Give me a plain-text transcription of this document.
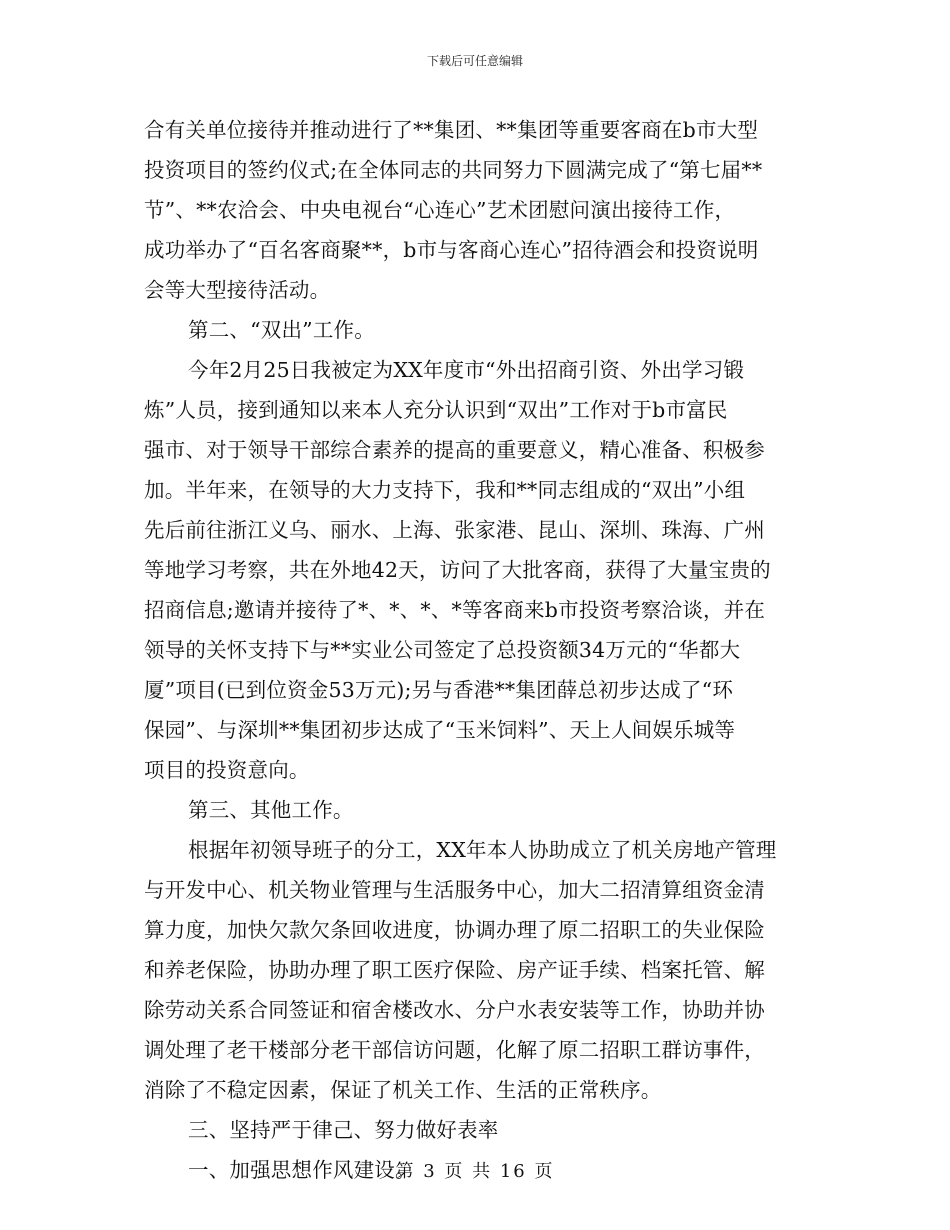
下载后可任意编辑
合有关单位接待并推动进行了**集团、**集团等重要客商在b市大型
投资项目的签约仪式;在全体同志的共同努力下圆满完成了“第七届**
节”、**农洽会、中央电视台“心连心”艺术团慰问演出接待工作，
成功举办了“百名客商聚**，b市与客商心连心”招待酒会和投资说明
会等大型接待活动。
第二、“双出”工作。
今年2月25日我被定为XX年度市“外出招商引资、外出学习锻
炼”人员，接到通知以来本人充分认识到“双出”工作对于b市富民
强市、对于领导干部综合素养的提高的重要意义，精心准备、积极参
加。半年来，在领导的大力支持下，我和**同志组成的“双出”小组
先后前往浙江义乌、丽水、上海、张家港、昆山、深圳、珠海、广州
等地学习考察，共在外地42天，访问了大批客商，获得了大量宝贵的
招商信息;邀请并接待了*、*、*、*等客商来b市投资考察洽谈，并在
领导的关怀支持下与**实业公司签定了总投资额34万元的“华都大
厦”项目(已到位资金53万元);另与香港**集团薛总初步达成了“环
保园”、与深圳**集团初步达成了“玉米饲料”、天上人间娱乐城等
项目的投资意向。
第三、其他工作。
根据年初领导班子的分工，XX年本人协助成立了机关房地产管理
与开发中心、机关物业管理与生活服务中心，加大二招清算组资金清
算力度，加快欠款欠条回收进度，协调办理了原二招职工的失业保险
和养老保险，协助办理了职工医疗保险、房产证手续、档案托管、解
除劳动关系合同签证和宿舍楼改水、分户水表安装等工作，协助并协
调处理了老干楼部分老干部信访问题，化解了原二招职工群访事件，
消除了不稳定因素，保证了机关工作、生活的正常秩序。
三、坚持严于律己、努力做好表率
一、加强思想作风建设。
第 3 页 共 16 页
